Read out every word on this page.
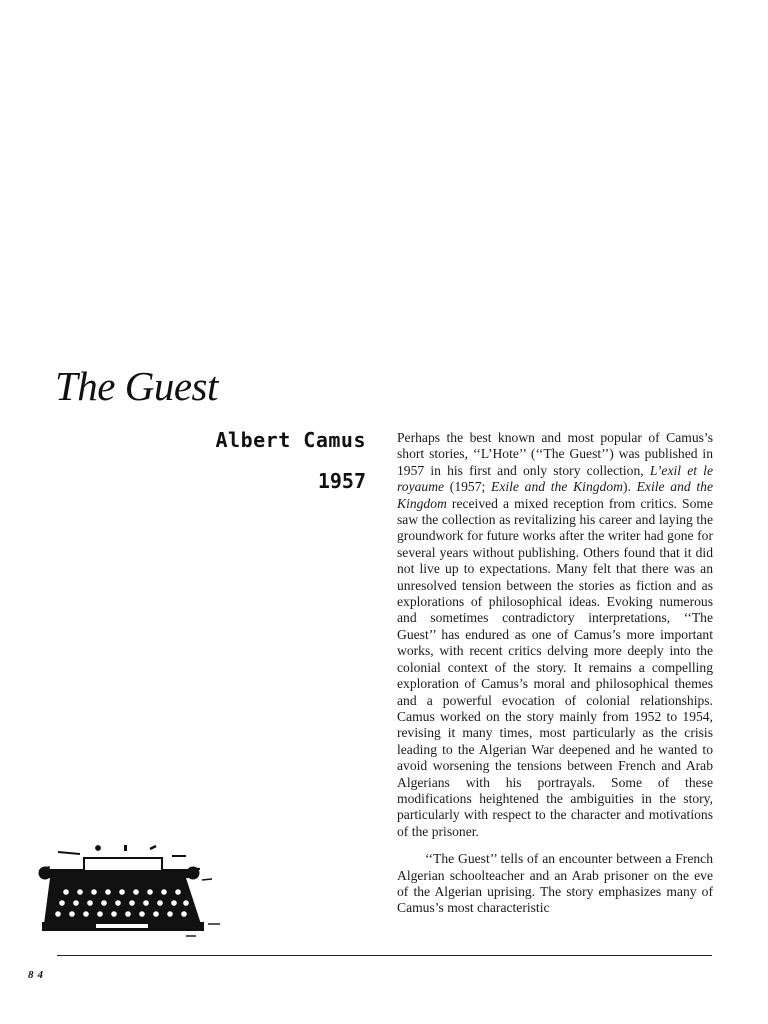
The Guest
Albert Camus
1957

Perhaps the best known and most popular of Camus’s short stories, ‘‘L’Hote’’ (‘‘The Guest’’) was published in 1957 in his first and only story collection, L’exil et le royaume (1957; Exile and the Kingdom). Exile and the Kingdom received a mixed reception from critics. Some saw the collection as revitalizing his career and laying the groundwork for future works after the writer had gone for several years without publishing. Others found that it did not live up to expectations. Many felt that there was an unresolved tension between the stories as fiction and as explorations of philosophical ideas. Evoking numerous and sometimes contradictory interpretations, ‘‘The Guest’’ has endured as one of Camus’s more important works, with recent critics delving more deeply into the colonial context of the story. It remains a compelling exploration of Camus’s moral and philosophical themes and a powerful evocation of colonial relationships. Camus worked on the story mainly from 1952 to 1954, revising it many times, most particularly as the crisis leading to the Algerian War deepened and he wanted to avoid worsening the tensions between French and Arab Algerians with his portrayals. Some of these modifications heightened the ambiguities in the story, particularly with respect to the character and motivations of the prisoner.

‘‘The Guest’’ tells of an encounter between a French Algerian schoolteacher and an Arab prisoner on the eve of the Algerian uprising. The story emphasizes many of Camus’s most characteristic

84
